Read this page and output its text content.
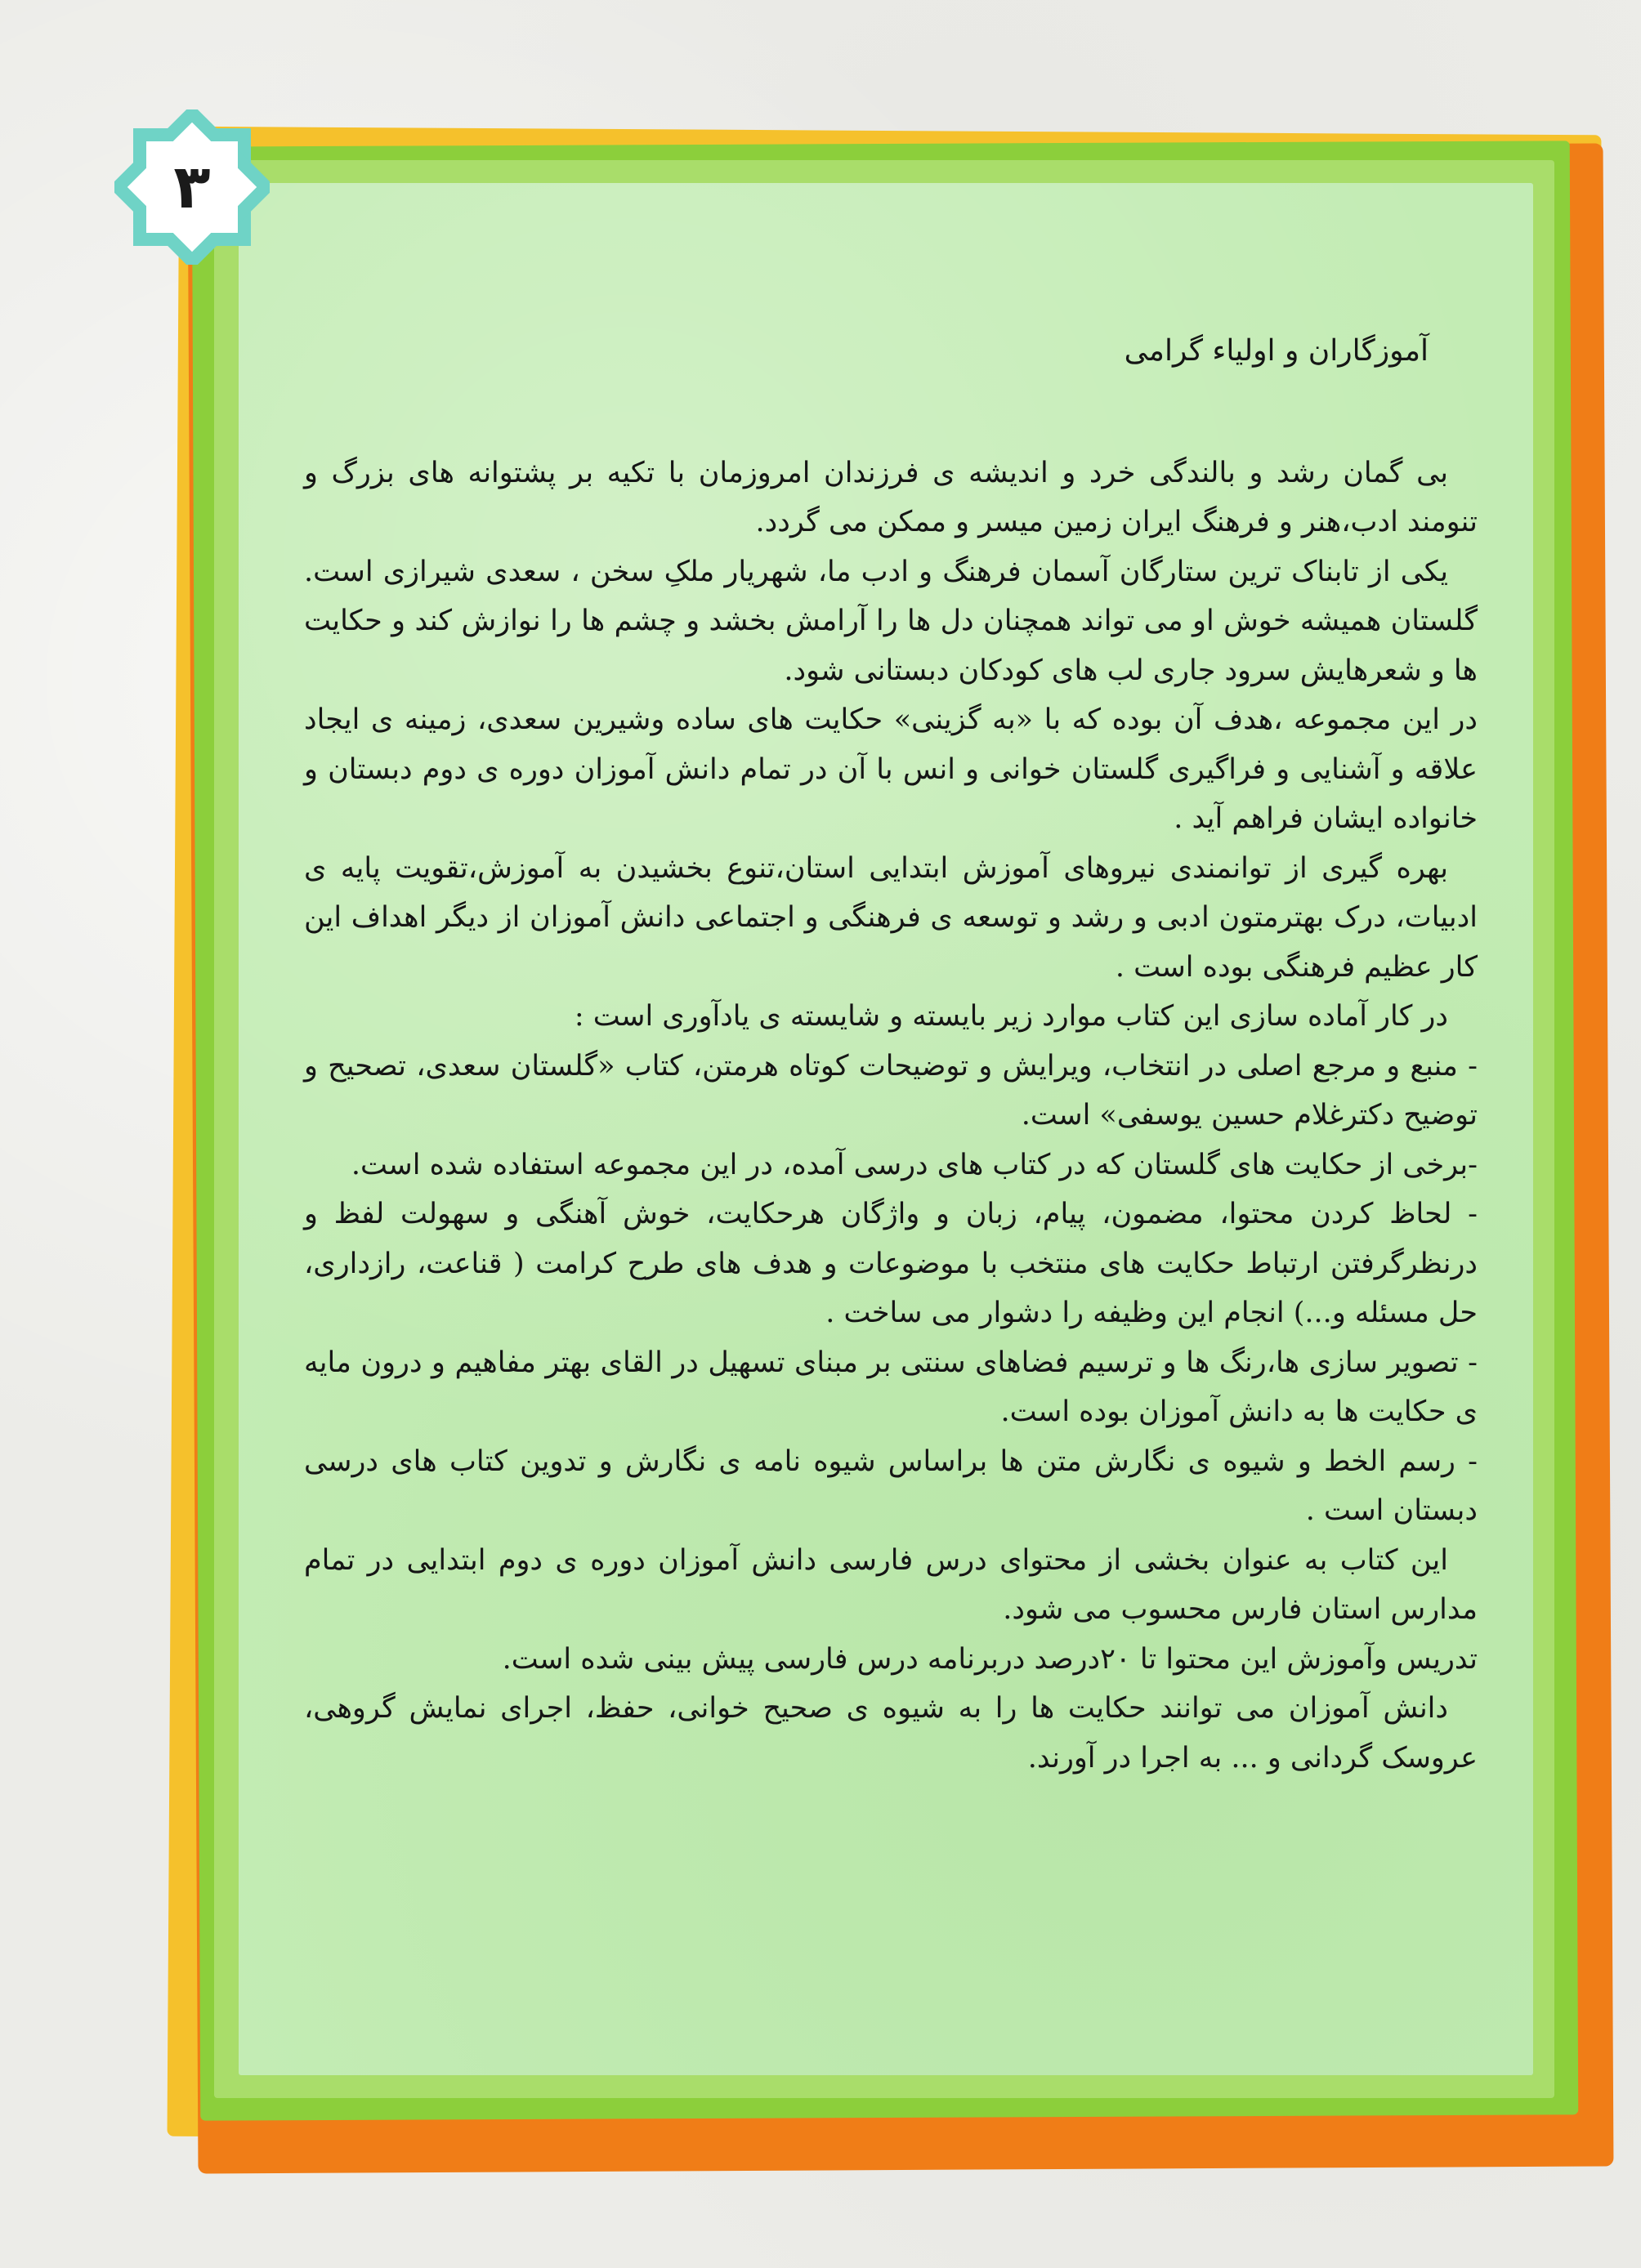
۳

آموزگاران و اولیاء گرامی

بی گمان رشد و بالندگی خرد و اندیشه ی فرزندان امروزمان با تکیه بر پشتوانه های بزرگ و تنومند ادب،هنر و فرهنگ ایران زمین میسر و ممکن می گردد.

یکی از تابناک ترین ستارگان آسمان فرهنگ و ادب ما، شهریار ملکِ سخن ، سعدی شیرازی است. گلستان همیشه خوش او می تواند همچنان دل ها را آرامش بخشد و چشم ها را نوازش کند و حکایت ها و شعرهایش سرود جاری لب های کودکان دبستانی شود.

در این مجموعه ،هدف آن بوده که با «به گزینی» حکایت های ساده وشیرین سعدی، زمینه ی ایجاد علاقه و آشنایی و فراگیری گلستان خوانی و انس با آن در تمام دانش آموزان دوره ی دوم دبستان و خانواده ایشان فراهم آید .

بهره گیری از توانمندی نیروهای آموزش ابتدایی استان،تنوع بخشیدن به آموزش،تقویت پایه ی ادبیات، درک بهترمتون ادبی و رشد و توسعه ی فرهنگی و اجتماعی دانش آموزان از دیگر اهداف این کار عظیم فرهنگی بوده است .

در کار آماده سازی این کتاب موارد زیر بایسته و شایسته ی یادآوری است :

- منبع و مرجع اصلی در انتخاب، ویرایش و توضیحات کوتاه هرمتن، کتاب «گلستان سعدی، تصحیح و توضیح دکترغلام حسین یوسفی» است.

-برخی از حکایت های گلستان که در کتاب های درسی آمده، در این مجموعه استفاده شده است.

- لحاظ کردن محتوا، مضمون، پیام، زبان و واژگان هرحکایت، خوش آهنگی و سهولت لفظ و درنظرگرفتن ارتباط حکایت های منتخب با موضوعات و هدف های طرح کرامت ( قناعت، رازداری، حل مسئله و...) انجام این وظیفه را دشوار می ساخت .

- تصویر سازی ها،رنگ ها و ترسیم فضاهای سنتی بر مبنای تسهیل در القای بهتر مفاهیم و درون مایه ی حکایت ها به دانش آموزان بوده است.

- رسم الخط و شیوه ی نگارش متن ها براساس شیوه نامه ی نگارش و تدوین کتاب های درسی دبستان است .

این کتاب به عنوان بخشی از محتوای درس فارسی دانش آموزان دوره ی دوم ابتدایی در تمام مدارس استان فارس محسوب می شود.

تدریس وآموزش این محتوا تا ۲۰درصد دربرنامه درس فارسی پیش بینی شده است.

دانش آموزان می توانند حکایت ها را به شیوه ی صحیح خوانی، حفظ، اجرای نمایش گروهی، عروسک گردانی و ... به اجرا در آورند.
